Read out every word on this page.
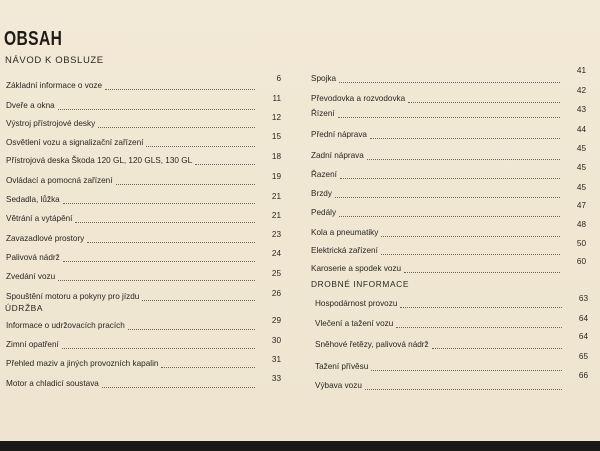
OBSAH
NÁVOD K OBSLUZE
Základní informace o voze
6
Dveře a okna
11
Výstroj přístrojové desky
12
Osvětlení vozu a signalizační zařízení
15
Přístrojová deska Škoda 120 GL, 120 GLS, 130 GL	18
Ovládací a pomocná zařízení	19
Sedadla, lůžka	21
Větrání a vytápění	21
Zavazadlové prostory	23
Palivová nádrž	24
Zvedání vozu	25
Spouštění motoru a pokyny pro jízdu	26
Informace o udržovacích pracích
29
Zimní opatření	30
Přehled maziv a jiných provozních kapalin	31
Motor a chladicí soustava
33
ÚDRŽBA
Spojka
41
Převodovka a rozvodovka
42
Řízení	43
Přední náprava
44
Zadní náprava
45
Řazení
45
Brzdy
45
Pedály
47
Kola a pneumatiky
48
Elektrická zařízení
50
Karoserie a spodek vozu
60
DROBNÉ INFORMACE
Hospodárnost provozu
63
Vlečení a tažení vozu
64
Sněhové řetězy, palivová nádrž
64
Tažení přívěsu
65
Výbava vozu
66
